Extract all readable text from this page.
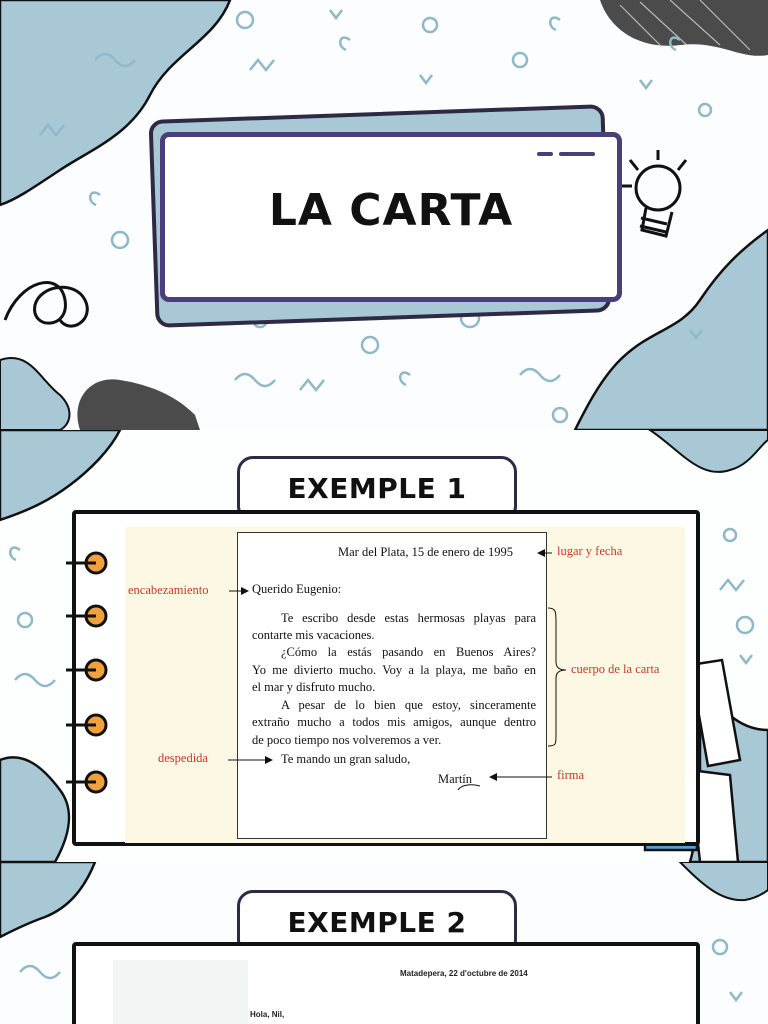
LA CARTA
EXEMPLE 1
Mar del Plata, 15 de enero de 1995
Querido Eugenio:
Te escribo desde estas hermosas playas para
contarte mis vacaciones.
¿Cómo la estás pasando en Buenos Aires?
Yo me divierto mucho. Voy a la playa, me baño en
el mar y disfruto mucho.
A pesar de lo bien que estoy, sinceramente
extraño mucho a todos mis amigos, aunque dentro
de poco tiempo nos volveremos a ver.
Te mando un gran saludo,
Martín
lugar y fecha
encabezamiento
cuerpo de la carta
despedida
firma
EXEMPLE 2
Matadepera, 22 d'octubre de 2014
Hola, Nil,
